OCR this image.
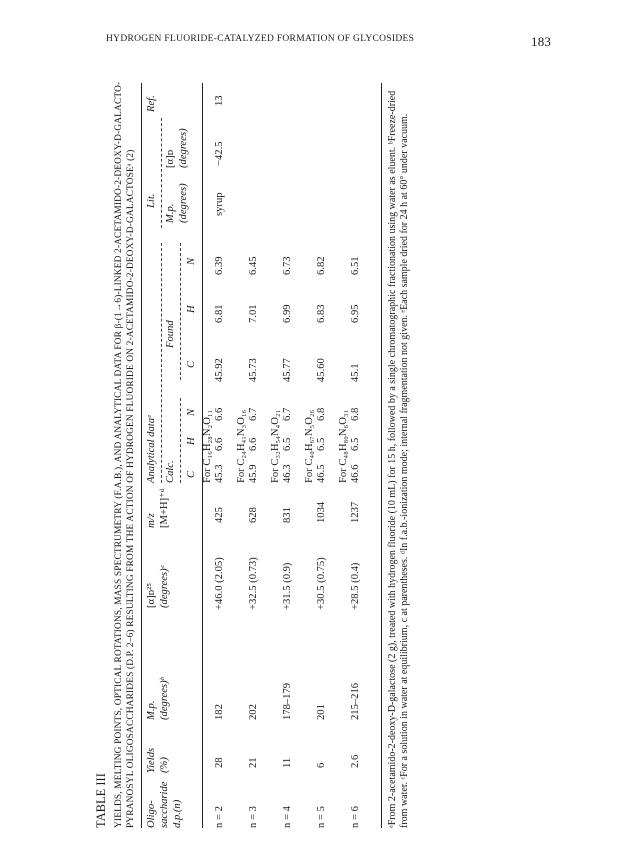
HYDROGEN FLUORIDE-CATALYZED FORMATION OF GLYCOSIDES	183
TABLE III YIELDS, MELTING POINTS, OPTICAL ROTATIONS, MASS SPECTRUMETRY (F.A.B.), AND ANALYTICAL DATA FOR β-(1→6)-LINKED 2-ACETAMIDO-2-DEOXY-D-GALACTO- PYRANOSYL OLIGOSACCHARIDES (D.P. 2–6) RESULTING FROM THE ACTION OF HYDROGEN FLUORIDE ON 2-ACETAMIDO-2-DEOXY-D-GALACTOSEᵃ (2) Oligo- saccharide d.p.(n)
Yields (%)
M.p. (degrees)ᵇ
[α]ᴅ²⁵ (degrees)ᶜ
m/z [M+H]⁺ᵈ
Analytical dataᵉ Calc.
Found
C
H
N
C
H
N
Lit.
M.p. (degrees)
[α]ᴅ (degrees)
Ref.
For C₁₆H₂₈N₂O₁₁
n = 2
28
182
+46.0 (2.05)
425
45.3
6.6
6.6
45.92
6.81
6.39
syrup
−42.5
13
For C₂₄H₄₁N₃O₁₆
n = 3
21
202
+32.5 (0.73)
628
45.9
6.6
6.7
45.73
7.01
6.45
For C₃₂H₅₄N₄O₂₁
n = 4
11
178–179
+31.5 (0.9)
831
46.3
6.5
6.7
45.77
6.99
6.73
For C₄₀H₆₇N₅O₂₆
n = 5
6
201
+30.5 (0.75)
1034
46.5
6.5
6.8
45.60
6.83
6.82
For C₄₈H₈₀N₆O₃₁
n = 6
2.6
215–216
+28.5 (0.4)
1237
46.6
6.5
6.8
45.1
6.95
6.51	ᵃFrom 2-acetamido-2-deoxy-D-galactose (2 g), treated with hydrogen fluoride (10 mL) for 15 h, followed by a single chromatographic fractionation using water as eluent. ᵇFreeze-dried from water. ᶜFor a solution in water at equilibrium, c at parentheses. ᵈIn f.a.b.-ionization mode; internal fragmentation not given. ᵉEach sample dried for 24 h at 60° under vacuum.
